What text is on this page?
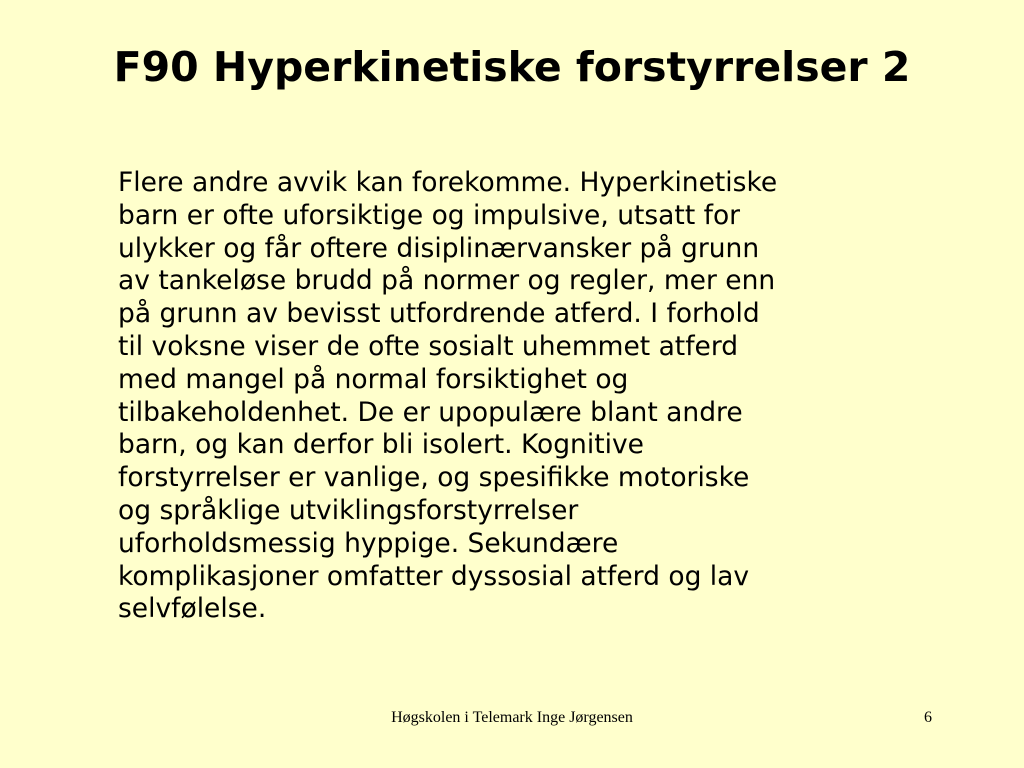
F90 Hyperkinetiske forstyrrelser 2
Flere andre avvik kan forekomme. Hyperkinetiske
barn er ofte uforsiktige og impulsive, utsatt for
ulykker og får oftere disiplinærvansker på grunn
av tankeløse brudd på normer og regler, mer enn
på grunn av bevisst utfordrende atferd. I forhold
til voksne viser de ofte sosialt uhemmet atferd
med mangel på normal forsiktighet og
tilbakeholdenhet. De er upopulære blant andre
barn, og kan derfor bli isolert. Kognitive
forstyrrelser er vanlige, og spesifikke motoriske
og språklige utviklingsforstyrrelser
uforholdsmessig hyppige. Sekundære
komplikasjoner omfatter dyssosial atferd og lav
selvfølelse.
Høgskolen i Telemark Inge Jørgensen	6
